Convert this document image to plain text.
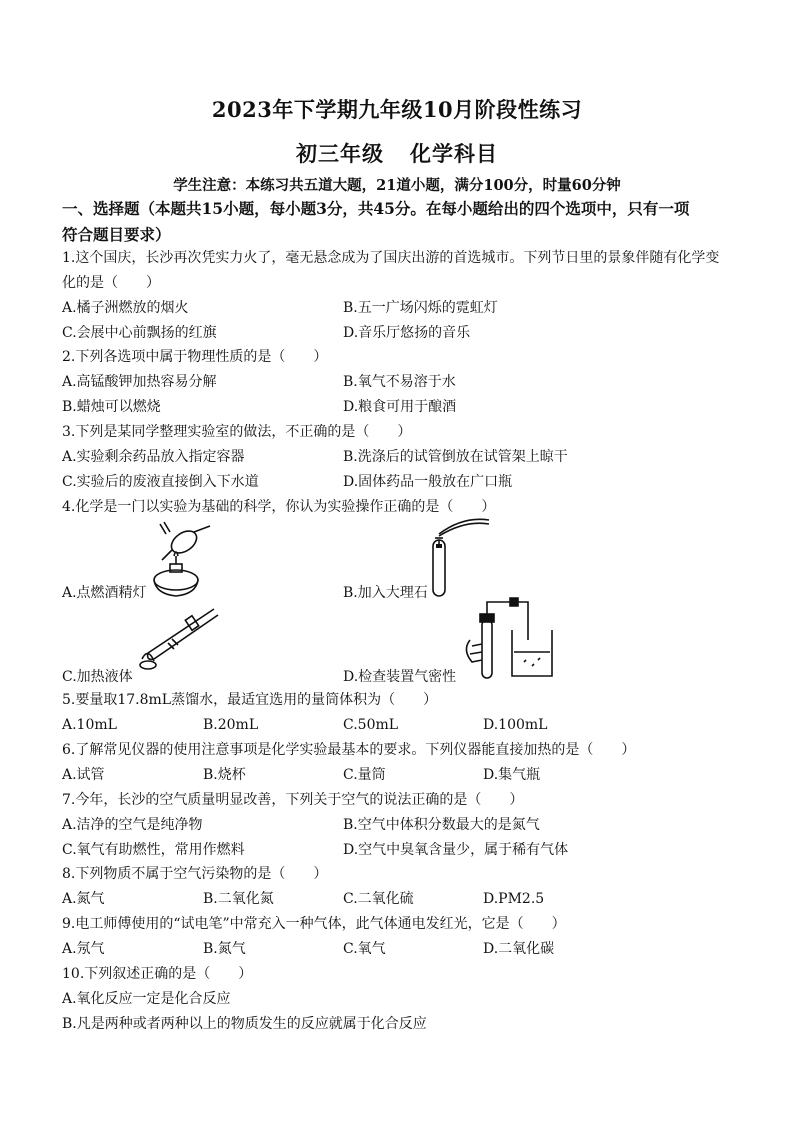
2023年下学期九年级10月阶段性练习
初三年级 化学科目
学生注意：本练习共五道大题，21道小题，满分100分，时量60分钟
一、选择题（本题共15小题，每小题3分，共45分。在每小题给出的四个选项中，只有一项
符合题目要求）
1.这个国庆，长沙再次凭实力火了，毫无悬念成为了国庆出游的首选城市。下列节日里的景象伴随有化学变
化的是（　　）
A.橘子洲燃放的烟火	B.五一广场闪烁的霓虹灯
C.会展中心前飘扬的红旗	D.音乐厅悠扬的音乐
2.下列各选项中属于物理性质的是（　　）
A.高锰酸钾加热容易分解	B.氧气不易溶于水
B.蜡烛可以燃烧	D.粮食可用于酿酒
3.下列是某同学整理实验室的做法，不正确的是（　　）
A.实验剩余药品放入指定容器	B.洗涤后的试管倒放在试管架上晾干
C.实验后的废液直接倒入下水道	D.固体药品一般放在广口瓶
4.化学是一门以实验为基础的科学，你认为实验操作正确的是（　　）
A.点燃酒精灯	B.加入大理石
C.加热液体	D.检查装置气密性
5.要量取17.8mL蒸馏水，最适宜选用的量筒体积为（　　）
A.10mL	B.20mL	C.50mL	D.100mL
6.了解常见仪器的使用注意事项是化学实验最基本的要求。下列仪器能直接加热的是（　　）
A.试管	B.烧杯	C.量筒	D.集气瓶
7.今年，长沙的空气质量明显改善，下列关于空气的说法正确的是（　　）
A.洁净的空气是纯净物	B.空气中体积分数最大的是氮气
C.氧气有助燃性，常用作燃料	D.空气中臭氧含量少，属于稀有气体
8.下列物质不属于空气污染物的是（　　）
A.氮气	B.二氧化氮	C.二氧化硫	D.PM2.5
9.电工师傅使用的“试电笔”中常充入一种气体，此气体通电发红光，它是（　　）
A.氖气	B.氮气	C.氧气	D.二氧化碳
10.下列叙述正确的是（　　）
A.氧化反应一定是化合反应
B.凡是两种或者两种以上的物质发生的反应就属于化合反应
